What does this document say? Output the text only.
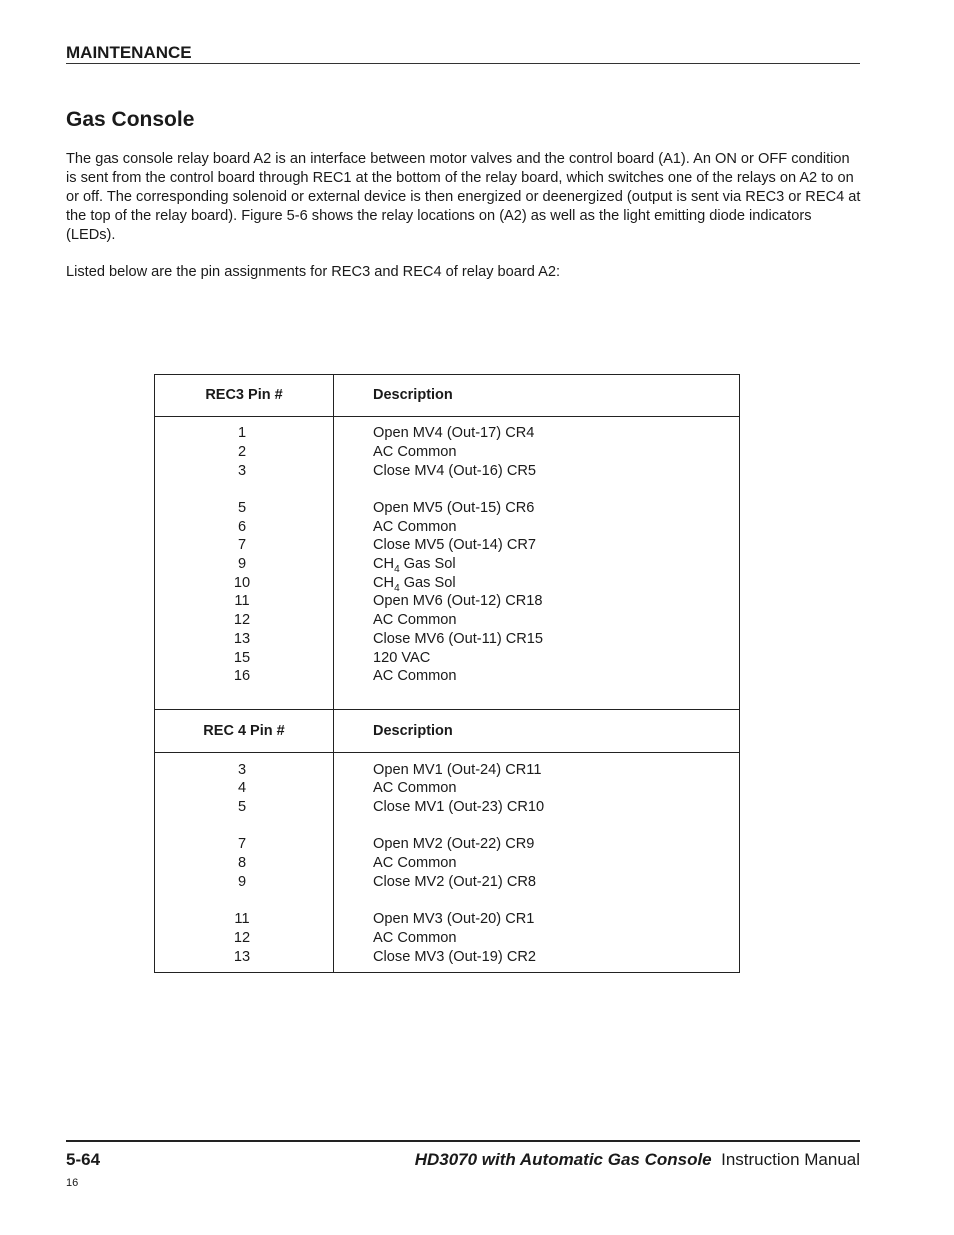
MAINTENANCE
Gas Console

The gas console relay board A2 is an interface between motor valves and the control board (A1). An ON or OFF condition is sent from the control board through REC1 at the bottom of the relay board, which switches one of the relays on A2 to on or off. The corresponding solenoid or external device is then energized or deenergized (output is sent via REC3 or REC4 at the top of the relay board). Figure 5-6 shows the relay locations on (A2) as well as the light emitting diode indicators (LEDs).

Listed below are the pin assignments for REC3 and REC4 of relay board A2:

REC3 Pin #	Description
1	Open MV4 (Out-17) CR4
2	AC Common
3	Close MV4 (Out-16) CR5
5	Open MV5 (Out-15) CR6
6	AC Common
7	Close MV5 (Out-14) CR7
9	$CH_4$ Gas Sol
10	$CH_4$ Gas Sol
11	Open MV6 (Out-12) CR18
12	AC Common
13	Close MV6 (Out-11) CR15
15	120 VAC
16	AC Common
REC 4 Pin #	Description
3	Open MV1 (Out-24) CR11
4	AC Common
5	Close MV1 (Out-23) CR10
7	Open MV2 (Out-22) CR9
8	AC Common
9	Close MV2 (Out-21) CR8
11	Open MV3 (Out-20) CR1
12	AC Common
13	Close MV3 (Out-19) CR2
5-64	HD3070 with Automatic Gas Console Instruction Manual
16
